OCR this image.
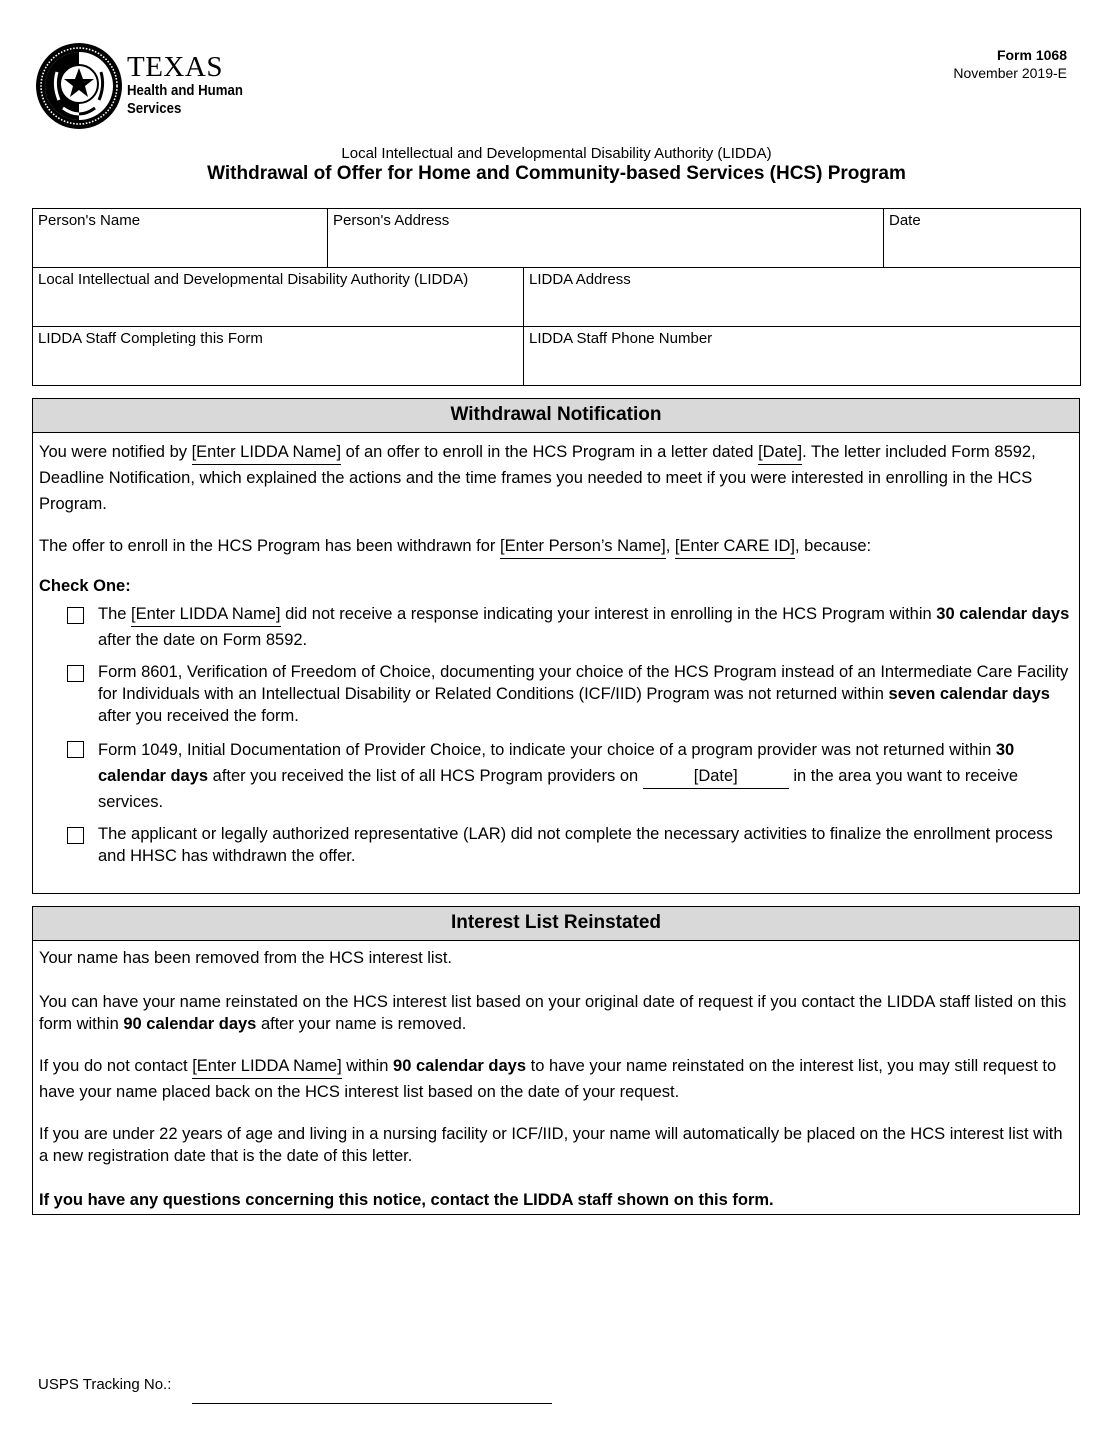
TEXAS
Health and Human
Services
Form 1068
November 2019-E
Local Intellectual and Developmental Disability Authority (LIDDA)
Withdrawal of Offer for Home and Community-based Services (HCS) Program
Person's Name	Person's Address	Date
Local Intellectual and Developmental Disability Authority (LIDDA)	LIDDA Address
LIDDA Staff Completing this Form	LIDDA Staff Phone Number
Withdrawal Notification

You were notified by [Enter LIDDA Name] of an offer to enroll in the HCS Program in a letter dated [Date]. The letter included Form 8592, Deadline Notification, which explained the actions and the time frames you needed to meet if you were interested in enrolling in the HCS Program.

The offer to enroll in the HCS Program has been withdrawn for [Enter Person’s Name], [Enter CARE ID], because:

Check One:

The [Enter LIDDA Name] did not receive a response indicating your interest in enrolling in the HCS Program within 30 calendar days after the date on Form 8592.
Form 8601, Verification of Freedom of Choice, documenting your choice of the HCS Program instead of an Intermediate Care Facility for Individuals with an Intellectual Disability or Related Conditions (ICF/IID) Program was not returned within seven calendar days after you received the form.
Form 1049, Initial Documentation of Provider Choice, to indicate your choice of a program provider was not returned within 30 calendar days after you received the list of all HCS Program providers on	[Date]	in the area you want to receive services.
The applicant or legally authorized representative (LAR) did not complete the necessary activities to finalize the enrollment process and HHSC has withdrawn the offer.
Interest List Reinstated

Your name has been removed from the HCS interest list.

You can have your name reinstated on the HCS interest list based on your original date of request if you contact the LIDDA staff listed on this form within 90 calendar days after your name is removed.

If you do not contact [Enter LIDDA Name] within 90 calendar days to have your name reinstated on the interest list, you may still request to have your name placed back on the HCS interest list based on the date of your request.

If you are under 22 years of age and living in a nursing facility or ICF/IID, your name will automatically be placed on the HCS interest list with a new registration date that is the date of this letter.

If you have any questions concerning this notice, contact the LIDDA staff shown on this form.

USPS Tracking No.:
